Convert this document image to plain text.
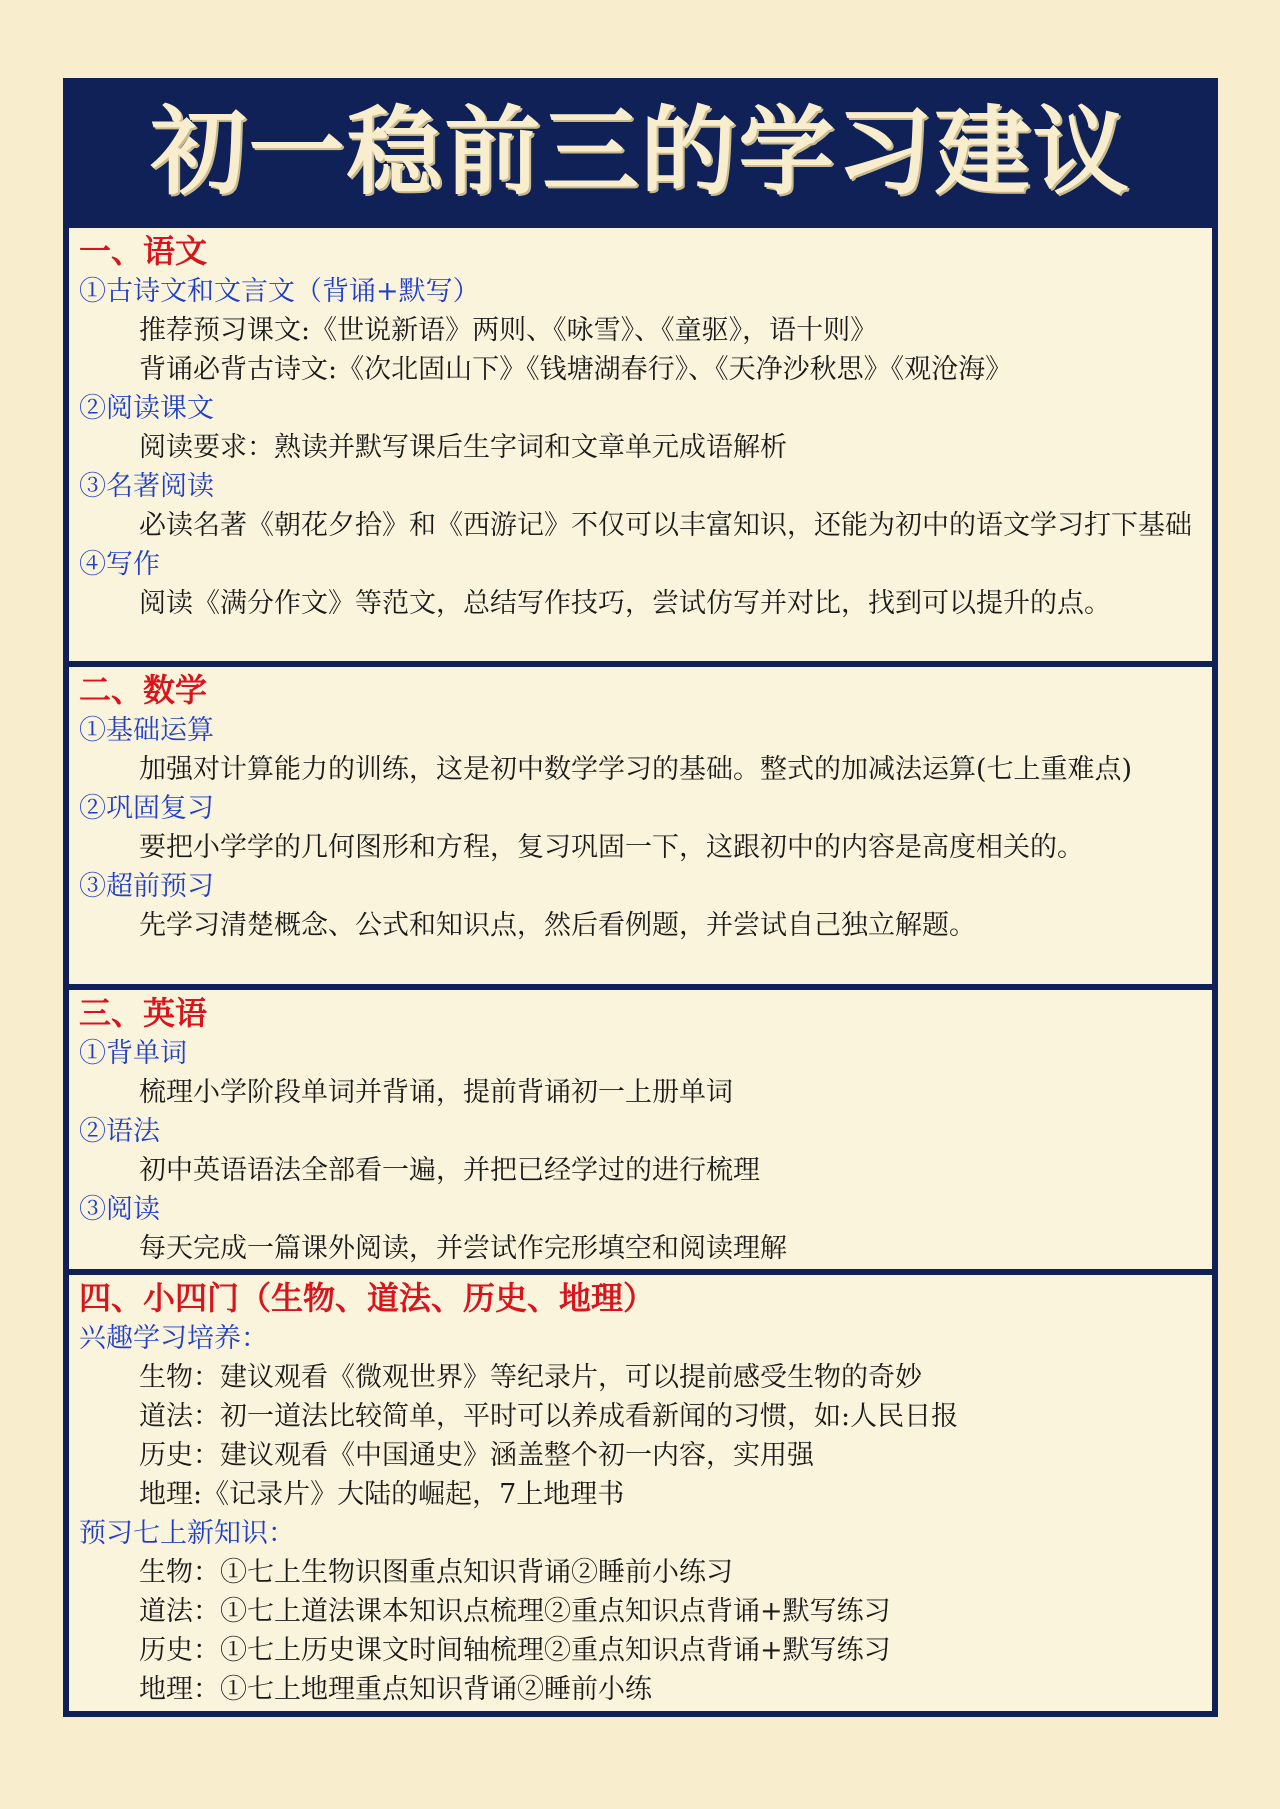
初一稳前三的学习建议
一、语文
①古诗文和文言文（背诵+默写）
推荐预习课文:《世说新语》两则、《咏雪》、《童驱》，语十则》
背诵必背古诗文:《次北固山下》《钱塘湖春行》、《天净沙秋思》《观沧海》
②阅读课文
阅读要求：熟读并默写课后生字词和文章单元成语解析
③名著阅读
必读名著《朝花夕拾》和《西游记》不仅可以丰富知识，还能为初中的语文学习打下基础
④写作
阅读《满分作文》等范文，总结写作技巧，尝试仿写并对比，找到可以提升的点。
二、数学
①基础运算
加强对计算能力的训练，这是初中数学学习的基础。整式的加减法运算(七上重难点)
②巩固复习
要把小学学的几何图形和方程，复习巩固一下，这跟初中的内容是高度相关的。
③超前预习
先学习清楚概念、公式和知识点，然后看例题，并尝试自己独立解题。
三、英语
①背单词
梳理小学阶段单词并背诵，提前背诵初一上册单词
②语法
初中英语语法全部看一遍，并把已经学过的进行梳理
③阅读
每天完成一篇课外阅读，并尝试作完形填空和阅读理解
四、小四门（生物、道法、历史、地理）
兴趣学习培养：
生物：建议观看《微观世界》等纪录片，可以提前感受生物的奇妙
道法：初一道法比较简单，平时可以养成看新闻的习惯，如:人民日报
历史：建议观看《中国通史》涵盖整个初一内容，实用强
地理:《记录片》大陆的崛起，7上地理书
预习七上新知识：
生物：①七上生物识图重点知识背诵②睡前小练习
道法：①七上道法课本知识点梳理②重点知识点背诵+默写练习
历史：①七上历史课文时间轴梳理②重点知识点背诵+默写练习
地理：①七上地理重点知识背诵②睡前小练
